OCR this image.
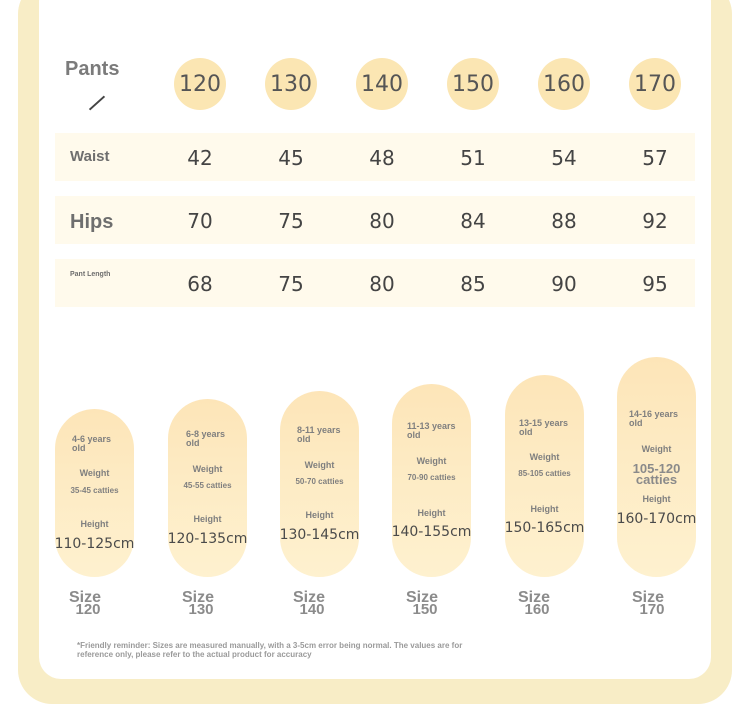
Pants
120 130 140 150 160 170
Waist	42	45	48	51	54	57
Hips	70	75	80	84	88	92
Pant Length	68	75	80	85	90	95
4-6 years old
Weight
35-45 catties
Height
110-125cm
Size
120
6-8 years old
Weight
45-55 catties
Height
120-135cm
Size
130
8-11 years old
Weight
50-70 catties
Height
130-145cm
Size
140
11-13 years old
Weight
70-90 catties
Height
140-155cm
Size
150
13-15 years old
Weight
85-105 catties
Height
150-165cm
Size
160
14-16 years old
Weight
105-120 catties
Height
160-170cm
Size
170
*Friendly reminder: Sizes are measured manually, with a 3-5cm error being normal. The values are for reference only, please refer to the actual product for accuracy
